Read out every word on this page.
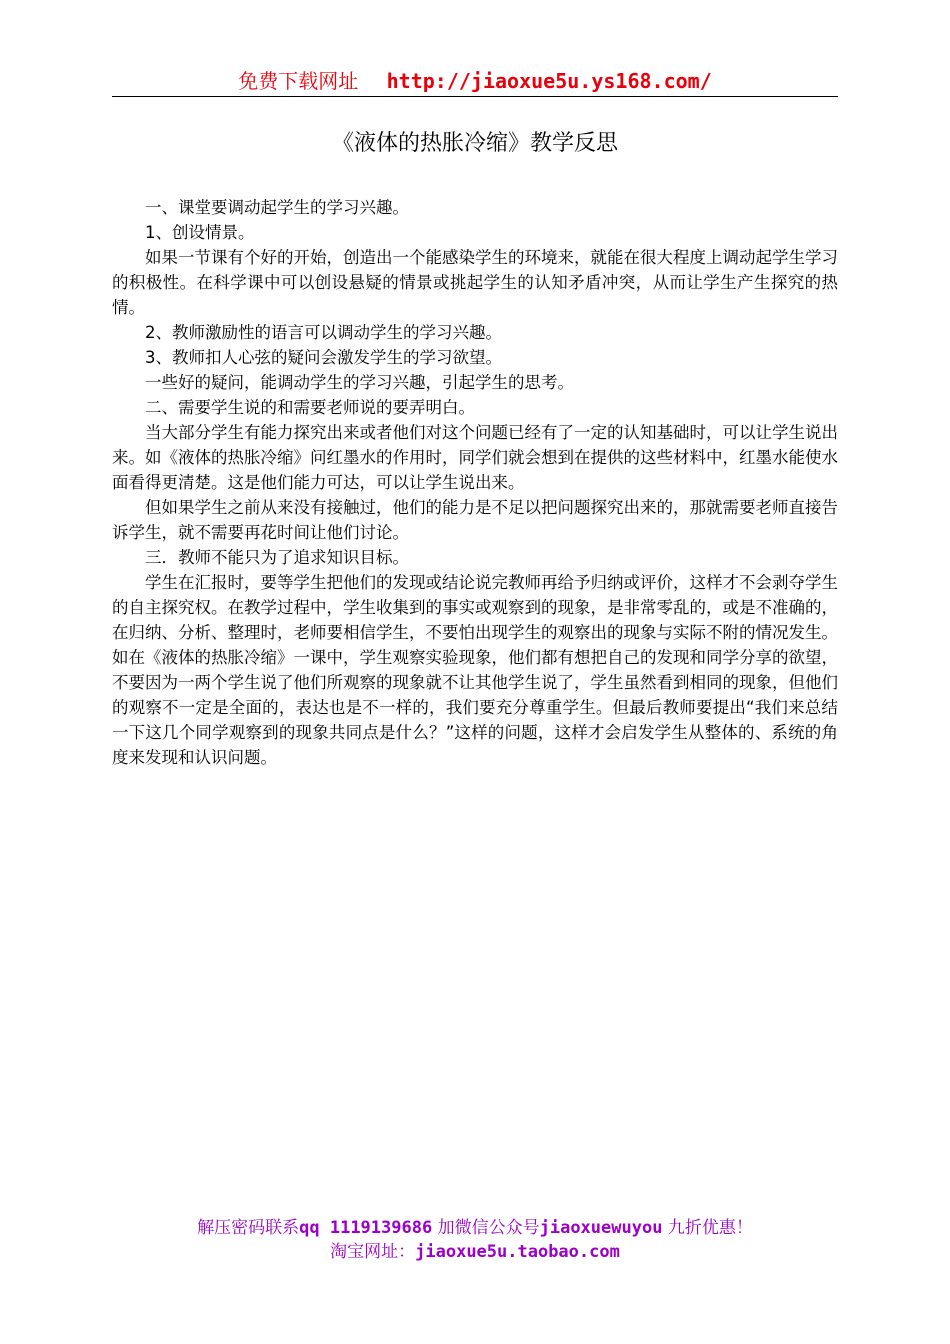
免费下载网址 http://jiaoxue5u.ys168.com/
《液体的热胀冷缩》教学反思

一、课堂要调动起学生的学习兴趣。

1、创设情景。

如果一节课有个好的开始，创造出一个能感染学生的环境来，就能在很大程度上调动起学生学习的积极性。在科学课中可以创设悬疑的情景或挑起学生的认知矛盾冲突，从而让学生产生探究的热情。

2、教师激励性的语言可以调动学生的学习兴趣。

3、教师扣人心弦的疑问会激发学生的学习欲望。

一些好的疑问，能调动学生的学习兴趣，引起学生的思考。

二、需要学生说的和需要老师说的要弄明白。

当大部分学生有能力探究出来或者他们对这个问题已经有了一定的认知基础时，可以让学生说出来。如《液体的热胀冷缩》问红墨水的作用时，同学们就会想到在提供的这些材料中，红墨水能使水面看得更清楚。这是他们能力可达，可以让学生说出来。

但如果学生之前从来没有接触过，他们的能力是不足以把问题探究出来的，那就需要老师直接告诉学生，就不需要再花时间让他们讨论。

三．教师不能只为了追求知识目标。

学生在汇报时，要等学生把他们的发现或结论说完教师再给予归纳或评价，这样才不会剥夺学生的自主探究权。在教学过程中，学生收集到的事实或观察到的现象，是非常零乱的，或是不准确的，在归纳、分析、整理时，老师要相信学生，不要怕出现学生的观察出的现象与实际不附的情况发生。如在《液体的热胀冷缩》一课中，学生观察实验现象，他们都有想把自己的发现和同学分享的欲望，不要因为一两个学生说了他们所观察的现象就不让其他学生说了，学生虽然看到相同的现象，但他们的观察不一定是全面的，表达也是不一样的，我们要充分尊重学生。但最后教师要提出“我们来总结一下这几个同学观察到的现象共同点是什么？”这样的问题，这样才会启发学生从整体的、系统的角度来发现和认识问题。

解压密码联系qq 1119139686 加微信公众号jiaoxuewuyou 九折优惠！
淘宝网址：jiaoxue5u.taobao.com
